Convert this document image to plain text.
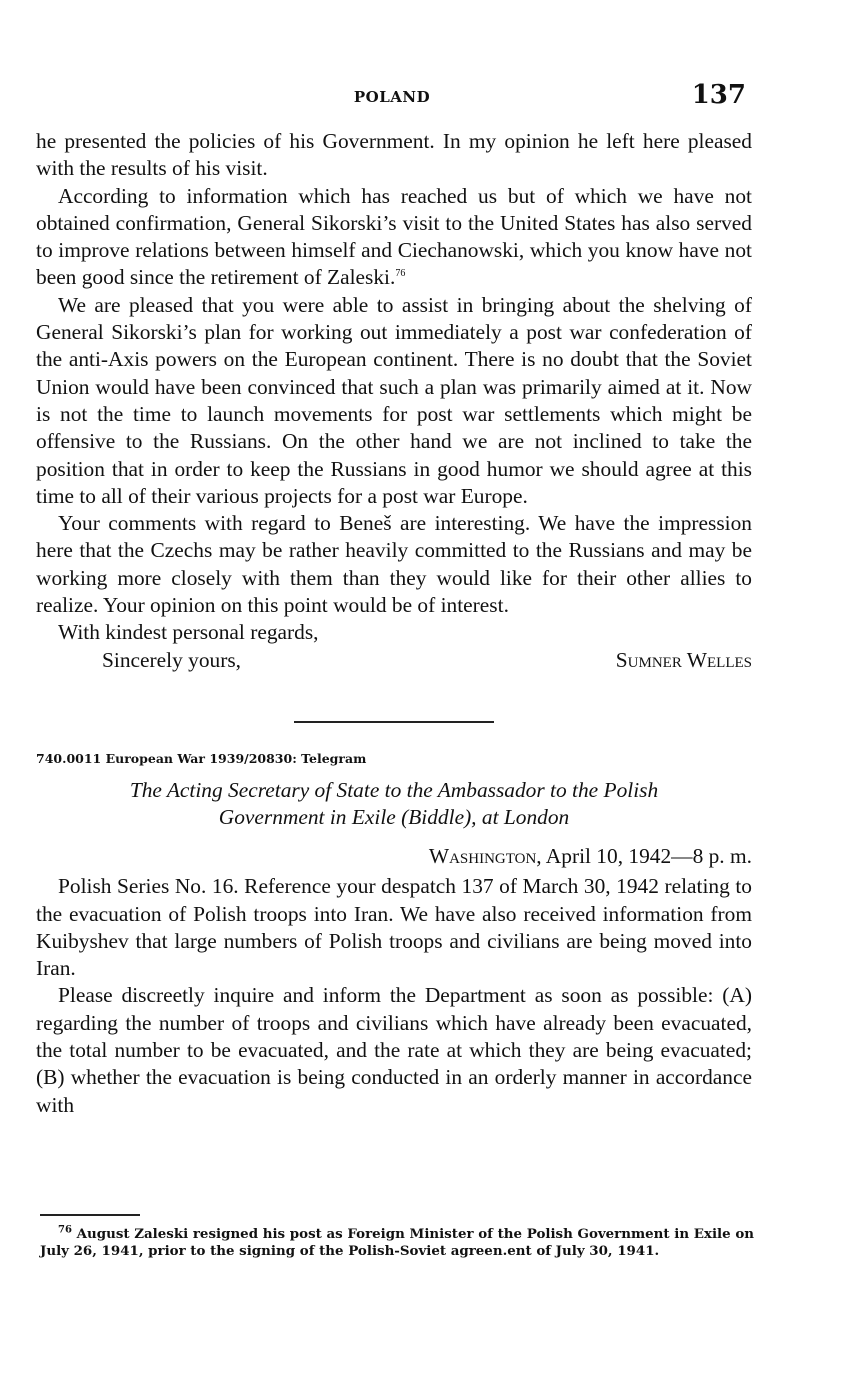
POLAND	137

he presented the policies of his Government. In my opinion he left here pleased with the results of his visit.

According to information which has reached us but of which we have not obtained confirmation, General Sikorski’s visit to the United States has also served to improve relations between himself and Ciechanowski, which you know have not been good since the retirement of Zaleski.$^{76}$

We are pleased that you were able to assist in bringing about the shelving of General Sikorski’s plan for working out immediately a post war confederation of the anti-Axis powers on the European continent. There is no doubt that the Soviet Union would have been convinced that such a plan was primarily aimed at it. Now is not the time to launch movements for post war settlements which might be offensive to the Russians. On the other hand we are not inclined to take the position that in order to keep the Russians in good humor we should agree at this time to all of their various projects for a post war Europe.

Your comments with regard to Beneš are interesting. We have the impression here that the Czechs may be rather heavily committed to the Russians and may be working more closely with them than they would like for their other allies to realize. Your opinion on this point would be of interest.

With kindest personal regards,

Sincerely yours,	Sumner Welles

740.0011 European War 1939/20830: Telegram

The Acting Secretary of State to the Ambassador to the Polish
Government in Exile (Biddle), at London

Washington, April 10, 1942—8 p. m.

Polish Series No. 16. Reference your despatch 137 of March 30, 1942 relating to the evacuation of Polish troops into Iran. We have also received information from Kuibyshev that large numbers of Polish troops and civilians are being moved into Iran.

Please discreetly inquire and inform the Department as soon as possible: (A) regarding the number of troops and civilians which have already been evacuated, the total number to be evacuated, and the rate at which they are being evacuated; (B) whether the evacuation is being conducted in an orderly manner in accordance with

$^{76}$ August Zaleski resigned his post as Foreign Minister of the Polish Government in Exile on July 26, 1941, prior to the signing of the Polish-Soviet agreen.ent of July 30, 1941.
